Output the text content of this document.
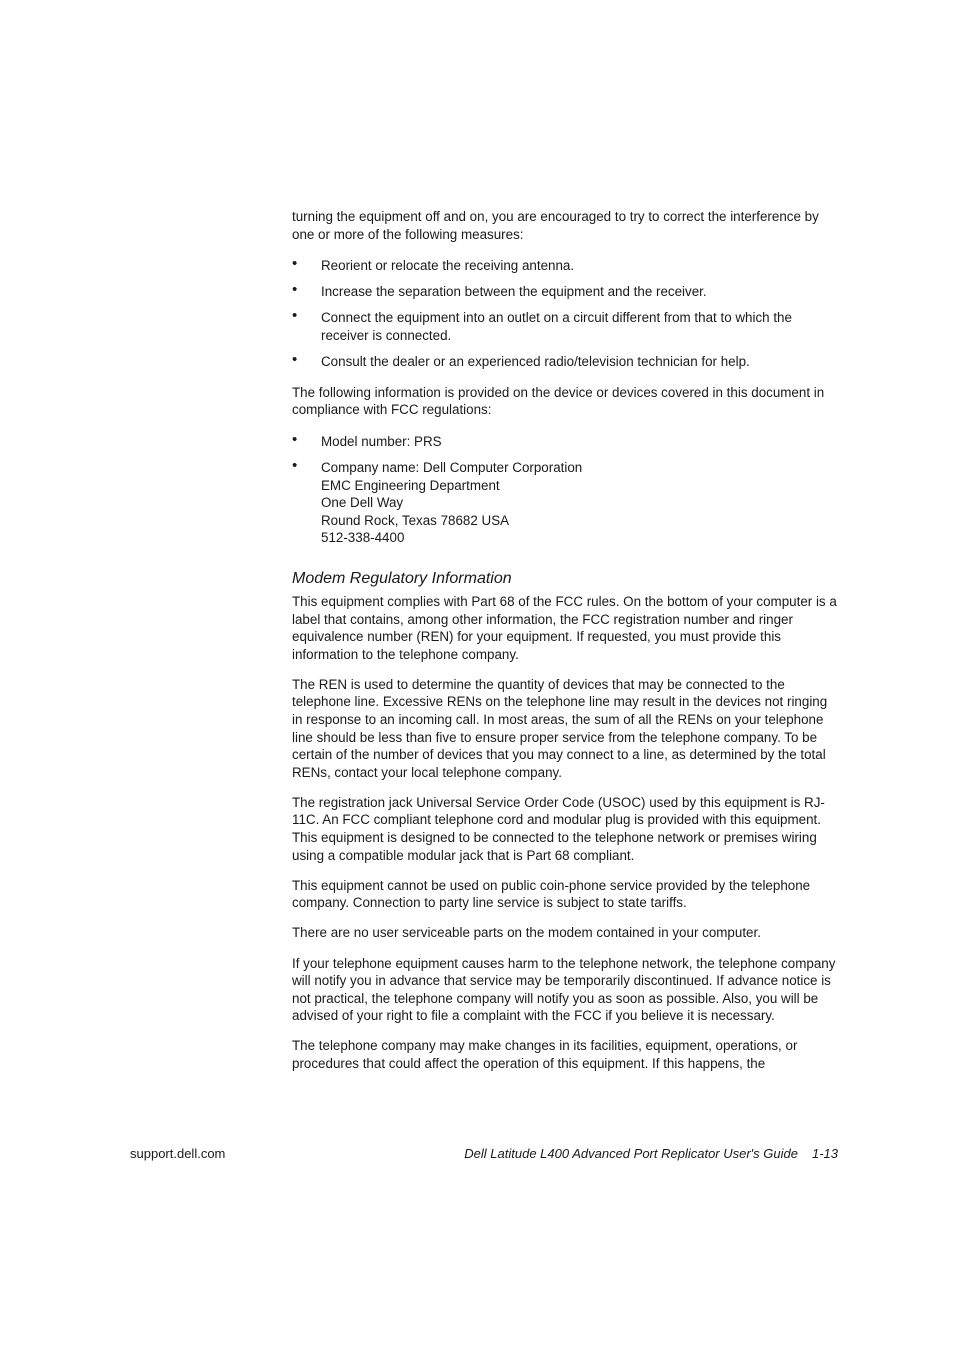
turning the equipment off and on, you are encouraged to try to correct the interference by one or more of the following measures:

• Reorient or relocate the receiving antenna.
• Increase the separation between the equipment and the receiver.
• Connect the equipment into an outlet on a circuit different from that to which the receiver is connected.
• Consult the dealer or an experienced radio/television technician for help.

The following information is provided on the device or devices covered in this document in compliance with FCC regulations:

• Model number: PRS
• Company name: Dell Computer Corporation
EMC Engineering Department
One Dell Way
Round Rock, Texas 78682 USA
512-338-4400
Modem Regulatory Information

This equipment complies with Part 68 of the FCC rules. On the bottom of your computer is a label that contains, among other information, the FCC registration number and ringer equivalence number (REN) for your equipment. If requested, you must provide this information to the telephone company.

The REN is used to determine the quantity of devices that may be connected to the telephone line. Excessive RENs on the telephone line may result in the devices not ringing in response to an incoming call. In most areas, the sum of all the RENs on your telephone line should be less than five to ensure proper service from the telephone company. To be certain of the number of devices that you may connect to a line, as determined by the total RENs, contact your local telephone company.

The registration jack Universal Service Order Code (USOC) used by this equipment is RJ-11C. An FCC compliant telephone cord and modular plug is provided with this equipment. This equipment is designed to be connected to the telephone network or premises wiring using a compatible modular jack that is Part 68 compliant.

This equipment cannot be used on public coin-phone service provided by the telephone company. Connection to party line service is subject to state tariffs.

There are no user serviceable parts on the modem contained in your computer.

If your telephone equipment causes harm to the telephone network, the telephone company will notify you in advance that service may be temporarily discontinued. If advance notice is not practical, the telephone company will notify you as soon as possible. Also, you will be advised of your right to file a complaint with the FCC if you believe it is necessary.

The telephone company may make changes in its facilities, equipment, operations, or procedures that could affect the operation of this equipment. If this happens, the

support.dell.com	Dell Latitude L400 Advanced Port Replicator User's Guide 1-13
